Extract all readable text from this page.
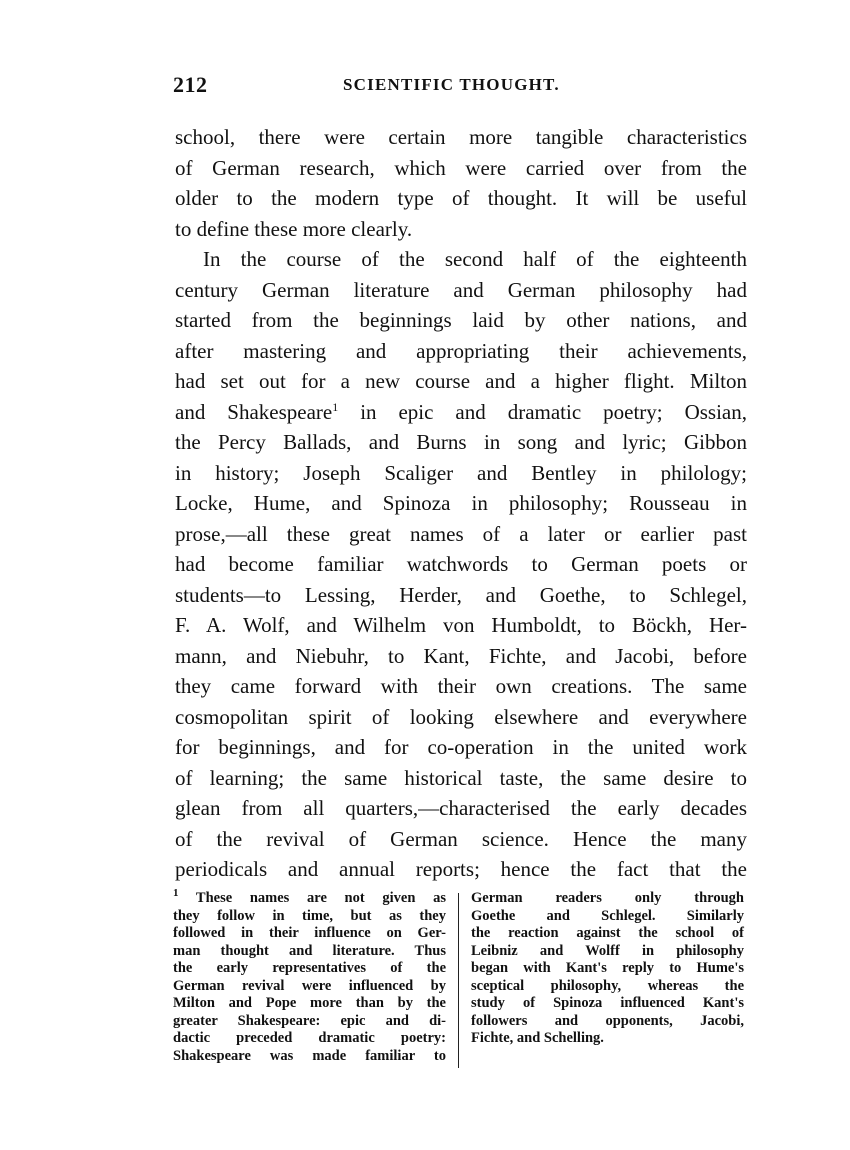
212	SCIENTIFIC THOUGHT.
school, there were certain more tangible characteristics
of German research, which were carried over from the
older to the modern type of thought. It will be useful
to define these more clearly.
In the course of the second half of the eighteenth
century German literature and German philosophy had
started from the beginnings laid by other nations, and
after mastering and appropriating their achievements,
had set out for a new course and a higher flight. Milton
and Shakespeare$^1$ in epic and dramatic poetry; Ossian,
the Percy Ballads, and Burns in song and lyric; Gibbon
in history; Joseph Scaliger and Bentley in philology;
Locke, Hume, and Spinoza in philosophy; Rousseau in
prose,—all these great names of a later or earlier past
had become familiar watchwords to German poets or
students—to Lessing, Herder, and Goethe, to Schlegel,
F. A. Wolf, and Wilhelm von Humboldt, to Böckh, Her-
mann, and Niebuhr, to Kant, Fichte, and Jacobi, before
they came forward with their own creations. The same
cosmopolitan spirit of looking elsewhere and everywhere
for beginnings, and for co-operation in the united work
of learning; the same historical taste, the same desire to
glean from all quarters,—characterised the early decades
of the revival of German science. Hence the many
periodicals and annual reports; hence the fact that the
$^1$ These names are not given as
they follow in time, but as they
followed in their influence on Ger-
man thought and literature. Thus
the early representatives of the
German revival were influenced by
Milton and Pope more than by the
greater Shakespeare: epic and di-
dactic preceded dramatic poetry:
Shakespeare was made familiar to
German readers only through
Goethe and Schlegel. Similarly
the reaction against the school of
Leibniz and Wolff in philosophy
began with Kant's reply to Hume's
sceptical philosophy, whereas the
study of Spinoza influenced Kant's
followers and opponents, Jacobi,
Fichte, and Schelling.
